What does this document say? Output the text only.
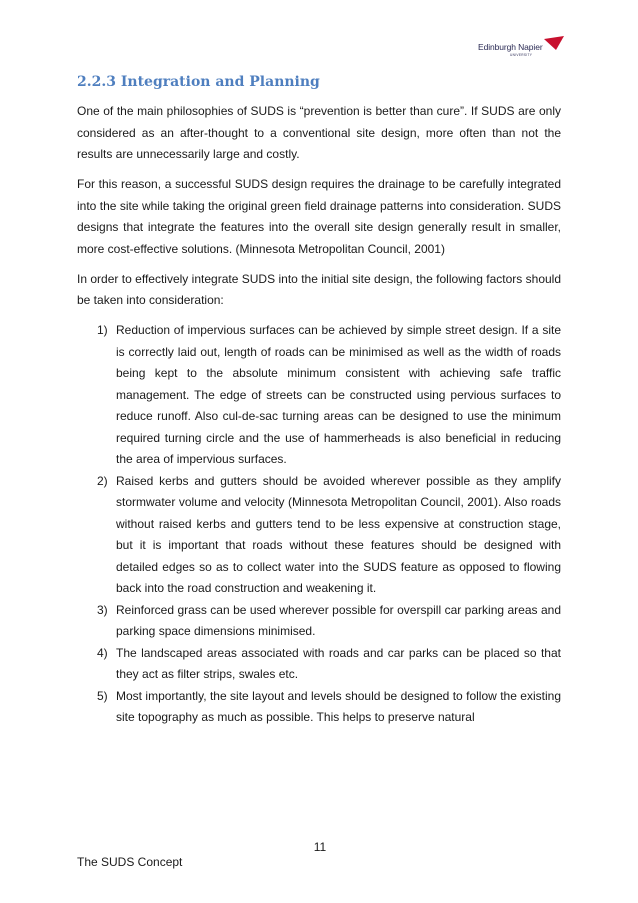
Edinburgh Napier
UNIVERSITY
2.2.3 Integration and Planning

One of the main philosophies of SUDS is “prevention is better than cure”. If SUDS are only considered as an after-thought to a conventional site design, more often than not the results are unnecessarily large and costly.

For this reason, a successful SUDS design requires the drainage to be carefully integrated into the site while taking the original green field drainage patterns into consideration. SUDS designs that integrate the features into the overall site design generally result in smaller, more cost-effective solutions. (Minnesota Metropolitan Council, 2001)

In order to effectively integrate SUDS into the initial site design, the following factors should be taken into consideration:

1) Reduction of impervious surfaces can be achieved by simple street design. If a site is correctly laid out, length of roads can be minimised as well as the width of roads being kept to the absolute minimum consistent with achieving safe traffic management. The edge of streets can be constructed using pervious surfaces to reduce runoff. Also cul-de-sac turning areas can be designed to use the minimum required turning circle and the use of hammerheads is also beneficial in reducing the area of impervious surfaces.
2) Raised kerbs and gutters should be avoided wherever possible as they amplify stormwater volume and velocity (Minnesota Metropolitan Council, 2001). Also roads without raised kerbs and gutters tend to be less expensive at construction stage, but it is important that roads without these features should be designed with detailed edges so as to collect water into the SUDS feature as opposed to flowing back into the road construction and weakening it.
3) Reinforced grass can be used wherever possible for overspill car parking areas and parking space dimensions minimised.
4) The landscaped areas associated with roads and car parks can be placed so that they act as filter strips, swales etc.
5) Most importantly, the site layout and levels should be designed to follow the existing site topography as much as possible. This helps to preserve natural
11
The SUDS Concept
